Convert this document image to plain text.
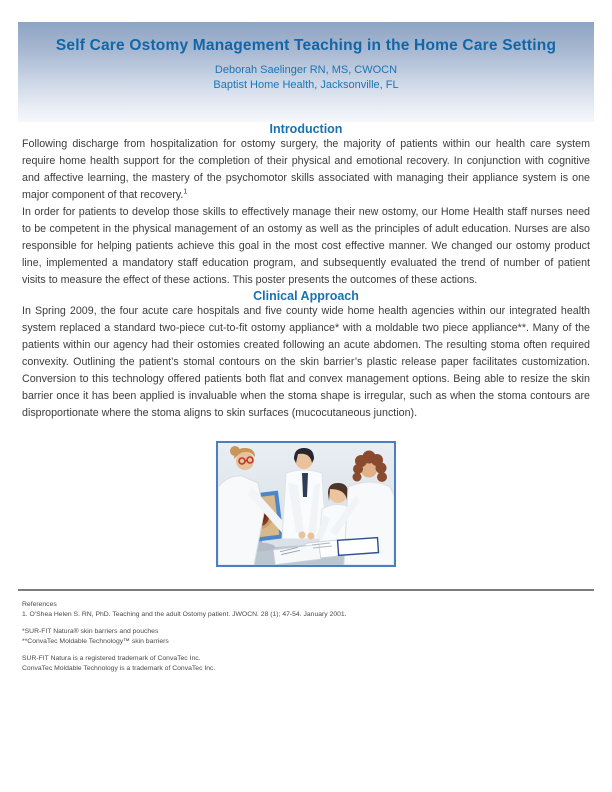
Self Care Ostomy Management Teaching in the Home Care Setting
Deborah Saelinger RN, MS, CWOCN
Baptist Home Health, Jacksonville, FL
Introduction

Following discharge from hospitalization for ostomy surgery, the majority of patients within our health care system require home health support for the completion of their physical and emotional recovery. In conjunction with cognitive and affective learning, the mastery of the psychomotor skills associated with managing their appliance system is one major component of that recovery.$^1$

In order for patients to develop those skills to effectively manage their new ostomy, our Home Health staff nurses need to be competent in the physical management of an ostomy as well as the principles of adult education. Nurses are also responsible for helping patients achieve this goal in the most cost effective manner. We changed our ostomy product line, implemented a mandatory staff education program, and subsequently evaluated the trend of number of patient visits to measure the effect of these actions. This poster presents the outcomes of these actions.

Clinical Approach

In Spring 2009, the four acute care hospitals and five county wide home health agencies within our integrated health system replaced a standard two-piece cut-to-fit ostomy appliance* with a moldable two piece appliance**. Many of the patients within our agency had their ostomies created following an acute abdomen. The resulting stoma often required convexity. Outlining the patient’s stomal contours on the skin barrier’s plastic release paper facilitates customization. Conversion to this technology offered patients both flat and convex management options. Being able to resize the skin barrier once it has been applied is invaluable when the stoma shape is irregular, such as when the stoma contours are disproportionate where the stoma aligns to skin surfaces (mucocutaneous junction).

References
1. O'Shea Helen S. RN, PhD. Teaching and the adult Ostomy patient. JWOCN. 28 (1); 47-54. January 2001.
*SUR-FIT Natura® skin barriers and pouches
**ConvaTec Moldable Technology™ skin barriers
SUR-FIT Natura is a registered trademark of ConvaTec Inc.
ConvaTec Moldable Technology is a trademark of ConvaTec Inc.
